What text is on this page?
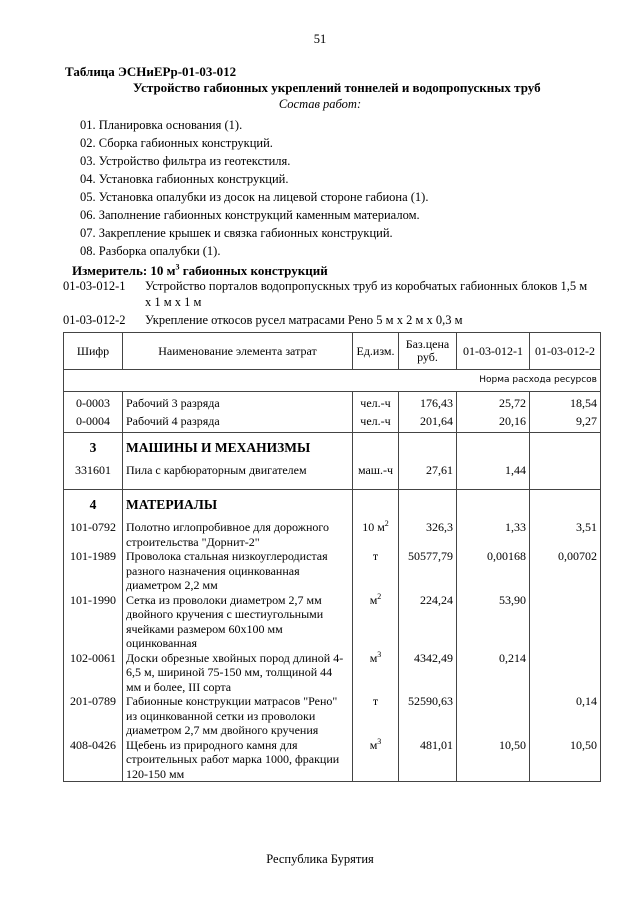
51
Таблица ЭСНиЕРр-01-03-012
Устройство габионных укреплений тоннелей и водопропускных труб
Состав работ:
01. Планировка основания (1).
02. Сборка габионных конструкций.
03. Устройство фильтра из геотекстиля.
04. Установка габионных конструкций.
05. Установка опалубки из досок на лицевой стороне габиона (1).
06. Заполнение габионных конструкций каменным материалом.
07. Закрепление крышек и связка габионных конструкций.
08. Разборка опалубки (1).
Измеритель: 10 $м^3$ габионных конструкций
01-03-012-1 Устройство порталов водопропускных труб из коробчатых габионных блоков 1,5 м
х 1 м х 1 м
01-03-012-2 Укрепление откосов русел матрасами Рено 5 м х 2 м х 0,3 м
Шифр	Наименование элемента затрат	Ед.изм.	Баз.цена руб.	01-03-012-1	01-03-012-2
Норма расхода ресурсов					
0-0003	Рабочий 3 разряда	чел.-ч	176,43	25,72	18,54
0-0004	Рабочий 4 разряда	чел.-ч	201,64	20,16	9,27
3	МАШИНЫ И МЕХАНИЗМЫ				
331601	Пила с карбюраторным двигателем	маш.-ч	27,61	1,44	
4	МАТЕРИАЛЫ				
101-0792	Полотно иглопробивное для дорожного строительства "Дорнит-2"	10 $м^2$	326,3	1,33	3,51
101-1989	Проволока стальная низкоуглеродистая разного назначения оцинкованная диаметром 2,2 мм	т	50577,79	0,00168	0,00702
101-1990	Сетка из проволоки диаметром 2,7 мм двойного кручения с шестиугольными ячейками размером 60х100 мм оцинкованная	$м^2$	224,24	53,90	
102-0061	Доски обрезные хвойных пород длиной 4-6,5 м, шириной 75-150 мм, толщиной 44 мм и более, III сорта	$м^3$	4342,49	0,214	
201-0789	Габионные конструкции матрасов "Рено" из оцинкованной сетки из проволоки диаметром 2,7 мм двойного кручения	т	52590,63		0,14
408-0426	Щебень из природного камня для строительных работ марка 1000, фракции 120-150 мм	$м^3$	481,01	10,50	10,50
Республика Бурятия
